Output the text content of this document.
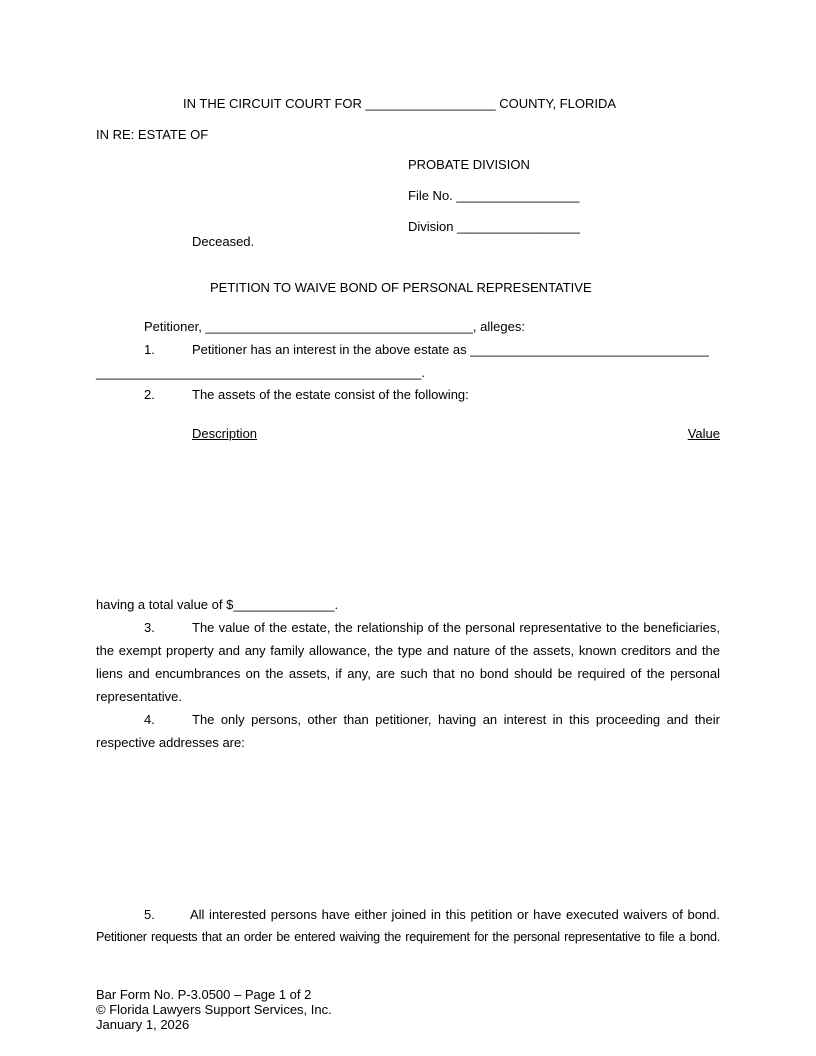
IN THE CIRCUIT COURT FOR __________________ COUNTY, FLORIDA
IN RE: ESTATE OF
PROBATE DIVISION
File No. _________________
Division _________________
Deceased.
PETITION TO WAIVE BOND OF PERSONAL REPRESENTATIVE
Petitioner, _____________________________________, alleges:
1.	Petitioner has an interest in the above estate as _________________________________
_____________________________________________.
2.	The assets of the estate consist of the following:
Description	Value
having a total value of $______________.
3.	The value of the estate, the relationship of the personal representative to the beneficiaries,
the exempt property and any family allowance, the type and nature of the assets, known creditors and the
liens and encumbrances on the assets, if any, are such that no bond should be required of the personal
representative.
4.	The only persons, other than petitioner, having an interest in this proceeding and their
respective addresses are:
5.	All interested persons have either joined in this petition or have executed waivers of bond.
Petitioner requests that an order be entered waiving the requirement for the personal representative to file a bond.
Bar Form No. P-3.0500 – Page 1 of 2
© Florida Lawyers Support Services, Inc.
January 1, 2026
